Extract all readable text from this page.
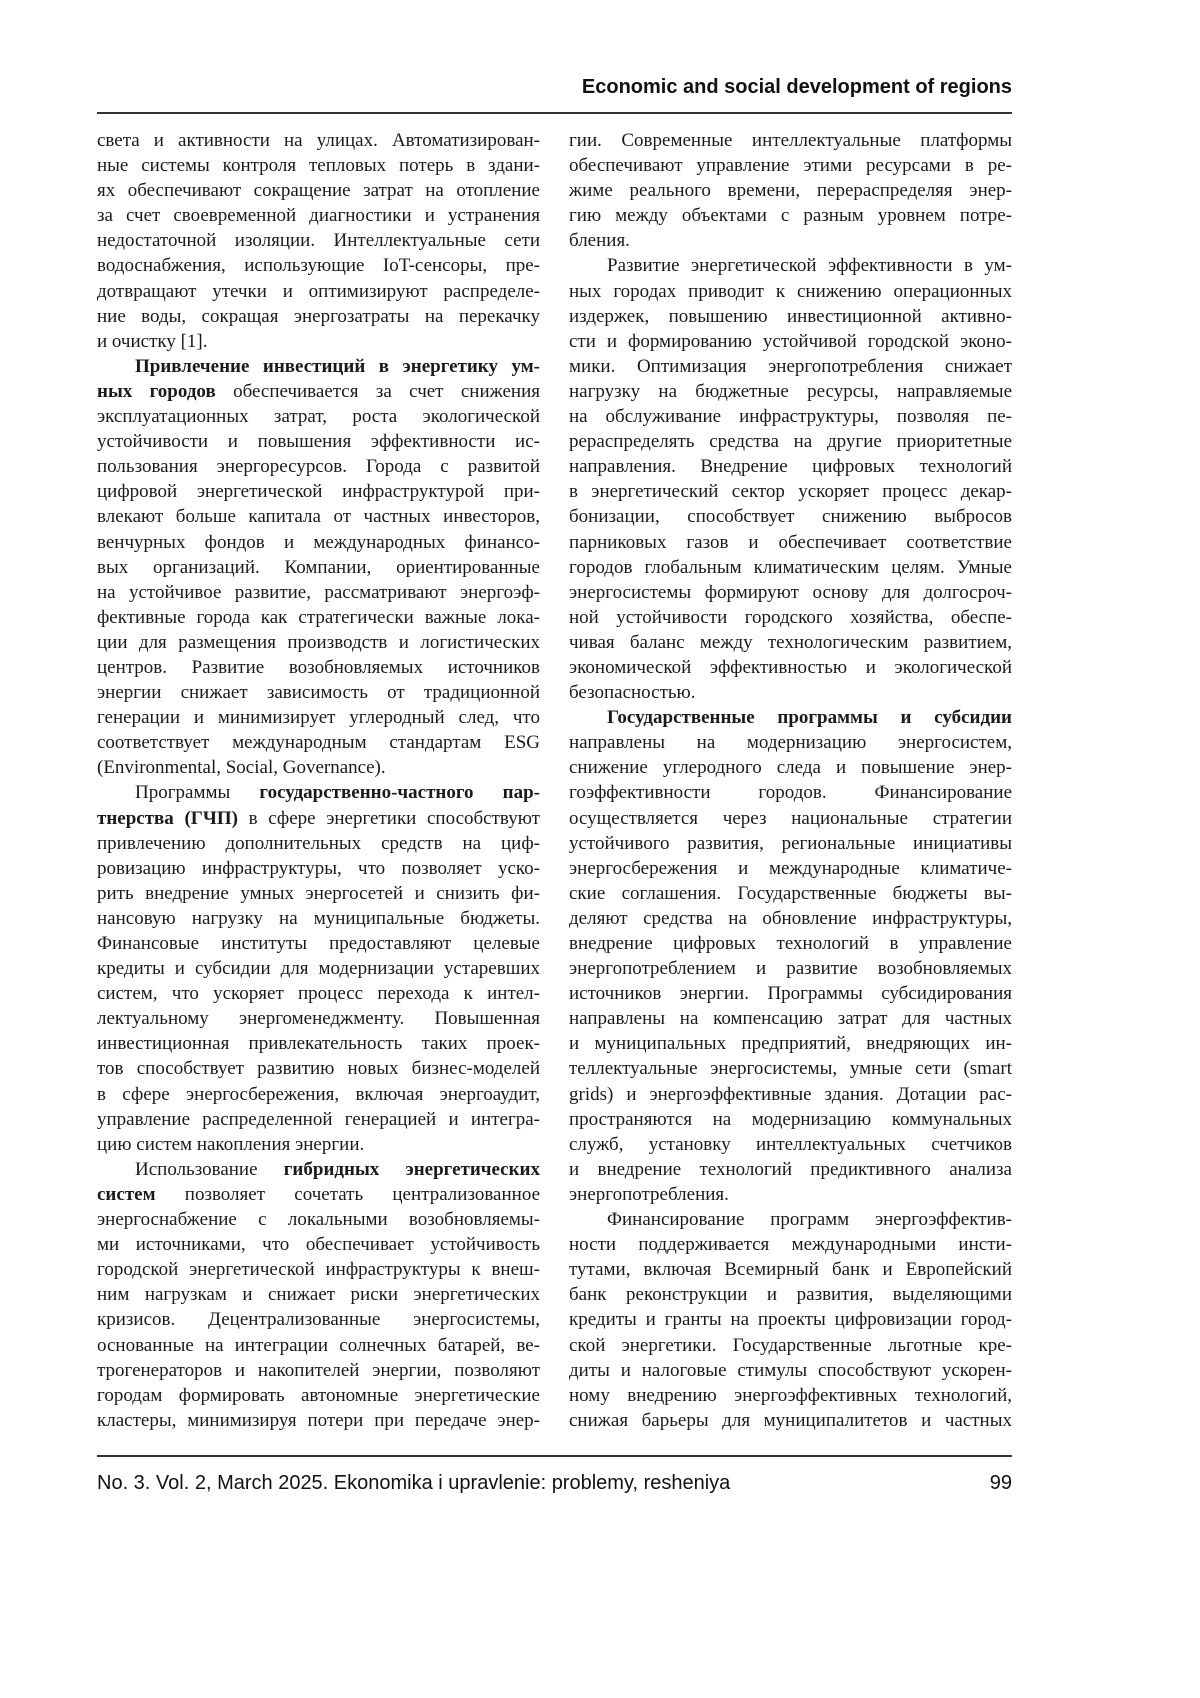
Economic and social development of regions
света и активности на улицах. Автоматизирован-
ные системы контроля тепловых потерь в здани-
ях обеспечивают сокращение затрат на отопление
за счет своевременной диагностики и устранения
недостаточной изоляции. Интеллектуальные сети
водоснабжения, использующие IoT-сенсоры, пре-
дотвращают утечки и оптимизируют распределе-
ние воды, сокращая энергозатраты на перекачку
и очистку [1].
Привлечение инвестиций в энергетику ум-
ных городов обеспечивается за счет снижения
эксплуатационных затрат, роста экологической
устойчивости и повышения эффективности ис-
пользования энергоресурсов. Города с развитой
цифровой энергетической инфраструктурой при-
влекают больше капитала от частных инвесторов,
венчурных фондов и международных финансо-
вых организаций. Компании, ориентированные
на устойчивое развитие, рассматривают энергоэф-
фективные города как стратегически важные лока-
ции для размещения производств и логистических
центров. Развитие возобновляемых источников
энергии снижает зависимость от традиционной
генерации и минимизирует углеродный след, что
соответствует международным стандартам ESG
(Environmental, Social, Governance).
Программы государственно-частного пар-
тнерства (ГЧП) в сфере энергетики способствуют
привлечению дополнительных средств на циф-
ровизацию инфраструктуры, что позволяет уско-
рить внедрение умных энергосетей и снизить фи-
нансовую нагрузку на муниципальные бюджеты.
Финансовые институты предоставляют целевые
кредиты и субсидии для модернизации устаревших
систем, что ускоряет процесс перехода к интел-
лектуальному энергоменеджменту. Повышенная
инвестиционная привлекательность таких проек-
тов способствует развитию новых бизнес-моделей
в сфере энергосбережения, включая энергоаудит,
управление распределенной генерацией и интегра-
цию систем накопления энергии.
Использование гибридных энергетических
систем позволяет сочетать централизованное
энергоснабжение с локальными возобновляемы-
ми источниками, что обеспечивает устойчивость
городской энергетической инфраструктуры к внеш-
ним нагрузкам и снижает риски энергетических
кризисов. Децентрализованные энергосистемы,
основанные на интеграции солнечных батарей, ве-
трогенераторов и накопителей энергии, позволяют
городам формировать автономные энергетические
кластеры, минимизируя потери при передаче энер-
гии. Современные интеллектуальные платформы
обеспечивают управление этими ресурсами в ре-
жиме реального времени, перераспределяя энер-
гию между объектами с разным уровнем потре-
бления.
Развитие энергетической эффективности в ум-
ных городах приводит к снижению операционных
издержек, повышению инвестиционной активно-
сти и формированию устойчивой городской эконо-
мики. Оптимизация энергопотребления снижает
нагрузку на бюджетные ресурсы, направляемые
на обслуживание инфраструктуры, позволяя пе-
рераспределять средства на другие приоритетные
направления. Внедрение цифровых технологий
в энергетический сектор ускоряет процесс декар-
бонизации, способствует снижению выбросов
парниковых газов и обеспечивает соответствие
городов глобальным климатическим целям. Умные
энергосистемы формируют основу для долгосроч-
ной устойчивости городского хозяйства, обеспе-
чивая баланс между технологическим развитием,
экономической эффективностью и экологической
безопасностью.
Государственные программы и субсидии
направлены на модернизацию энергосистем,
снижение углеродного следа и повышение энер-
гоэффективности городов. Финансирование
осуществляется через национальные стратегии
устойчивого развития, региональные инициативы
энергосбережения и международные климатиче-
ские соглашения. Государственные бюджеты вы-
деляют средства на обновление инфраструктуры,
внедрение цифровых технологий в управление
энергопотреблением и развитие возобновляемых
источников энергии. Программы субсидирования
направлены на компенсацию затрат для частных
и муниципальных предприятий, внедряющих ин-
теллектуальные энергосистемы, умные сети (smart
grids) и энергоэффективные здания. Дотации рас-
пространяются на модернизацию коммунальных
служб, установку интеллектуальных счетчиков
и внедрение технологий предиктивного анализа
энергопотребления.
Финансирование программ энергоэффектив-
ности поддерживается международными инсти-
тутами, включая Всемирный банк и Европейский
банк реконструкции и развития, выделяющими
кредиты и гранты на проекты цифровизации город-
ской энергетики. Государственные льготные кре-
диты и налоговые стимулы способствуют ускорен-
ному внедрению энергоэффективных технологий,
снижая барьеры для муниципалитетов и частных
No. 3. Vol. 2, March 2025. Ekonomika i upravlenie: problemy, resheniya	99
